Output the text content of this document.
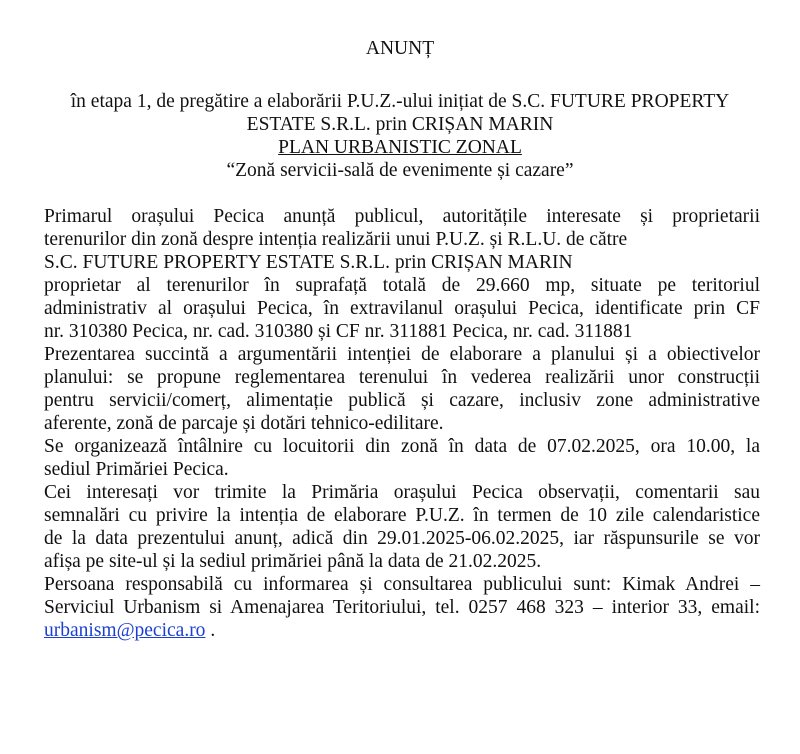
ANUNȚ
în etapa 1, de pregătire a elaborării P.U.Z.-ului inițiat de S.C. FUTURE PROPERTY
ESTATE S.R.L. prin CRIȘAN MARIN
PLAN URBANISTIC ZONAL
“Zonă servicii-sală de evenimente și cazare”
Primarul orașului Pecica anunță publicul, autoritățile interesate și proprietarii
terenurilor din zonă despre intenția realizării unui P.U.Z. și R.L.U. de către
S.C. FUTURE PROPERTY ESTATE S.R.L. prin CRIȘAN MARIN
proprietar al terenurilor în suprafață totală de 29.660 mp, situate pe teritoriul
administrativ al orașului Pecica, în extravilanul orașului Pecica, identificate prin CF
nr. 310380 Pecica, nr. cad. 310380 și CF nr. 311881 Pecica, nr. cad. 311881
Prezentarea succintă a argumentării intenției de elaborare a planului și a obiectivelor
planului: se propune reglementarea terenului în vederea realizării unor construcții
pentru servicii/comerț, alimentație publică și cazare, inclusiv zone administrative
aferente, zonă de parcaje și dotări tehnico-edilitare.
Se organizează întâlnire cu locuitorii din zonă în data de 07.02.2025, ora 10.00, la
sediul Primăriei Pecica.
Cei interesați vor trimite la Primăria orașului Pecica observații, comentarii sau
semnalări cu privire la intenția de elaborare P.U.Z. în termen de 10 zile calendaristice
de la data prezentului anunț, adică din 29.01.2025-06.02.2025, iar răspunsurile se vor
afișa pe site-ul și la sediul primăriei până la data de 21.02.2025.
Persoana responsabilă cu informarea și consultarea publicului sunt: Kimak Andrei –
Serviciul Urbanism si Amenajarea Teritoriului, tel. 0257 468 323 – interior 33, email:
urbanism@pecica.ro .
